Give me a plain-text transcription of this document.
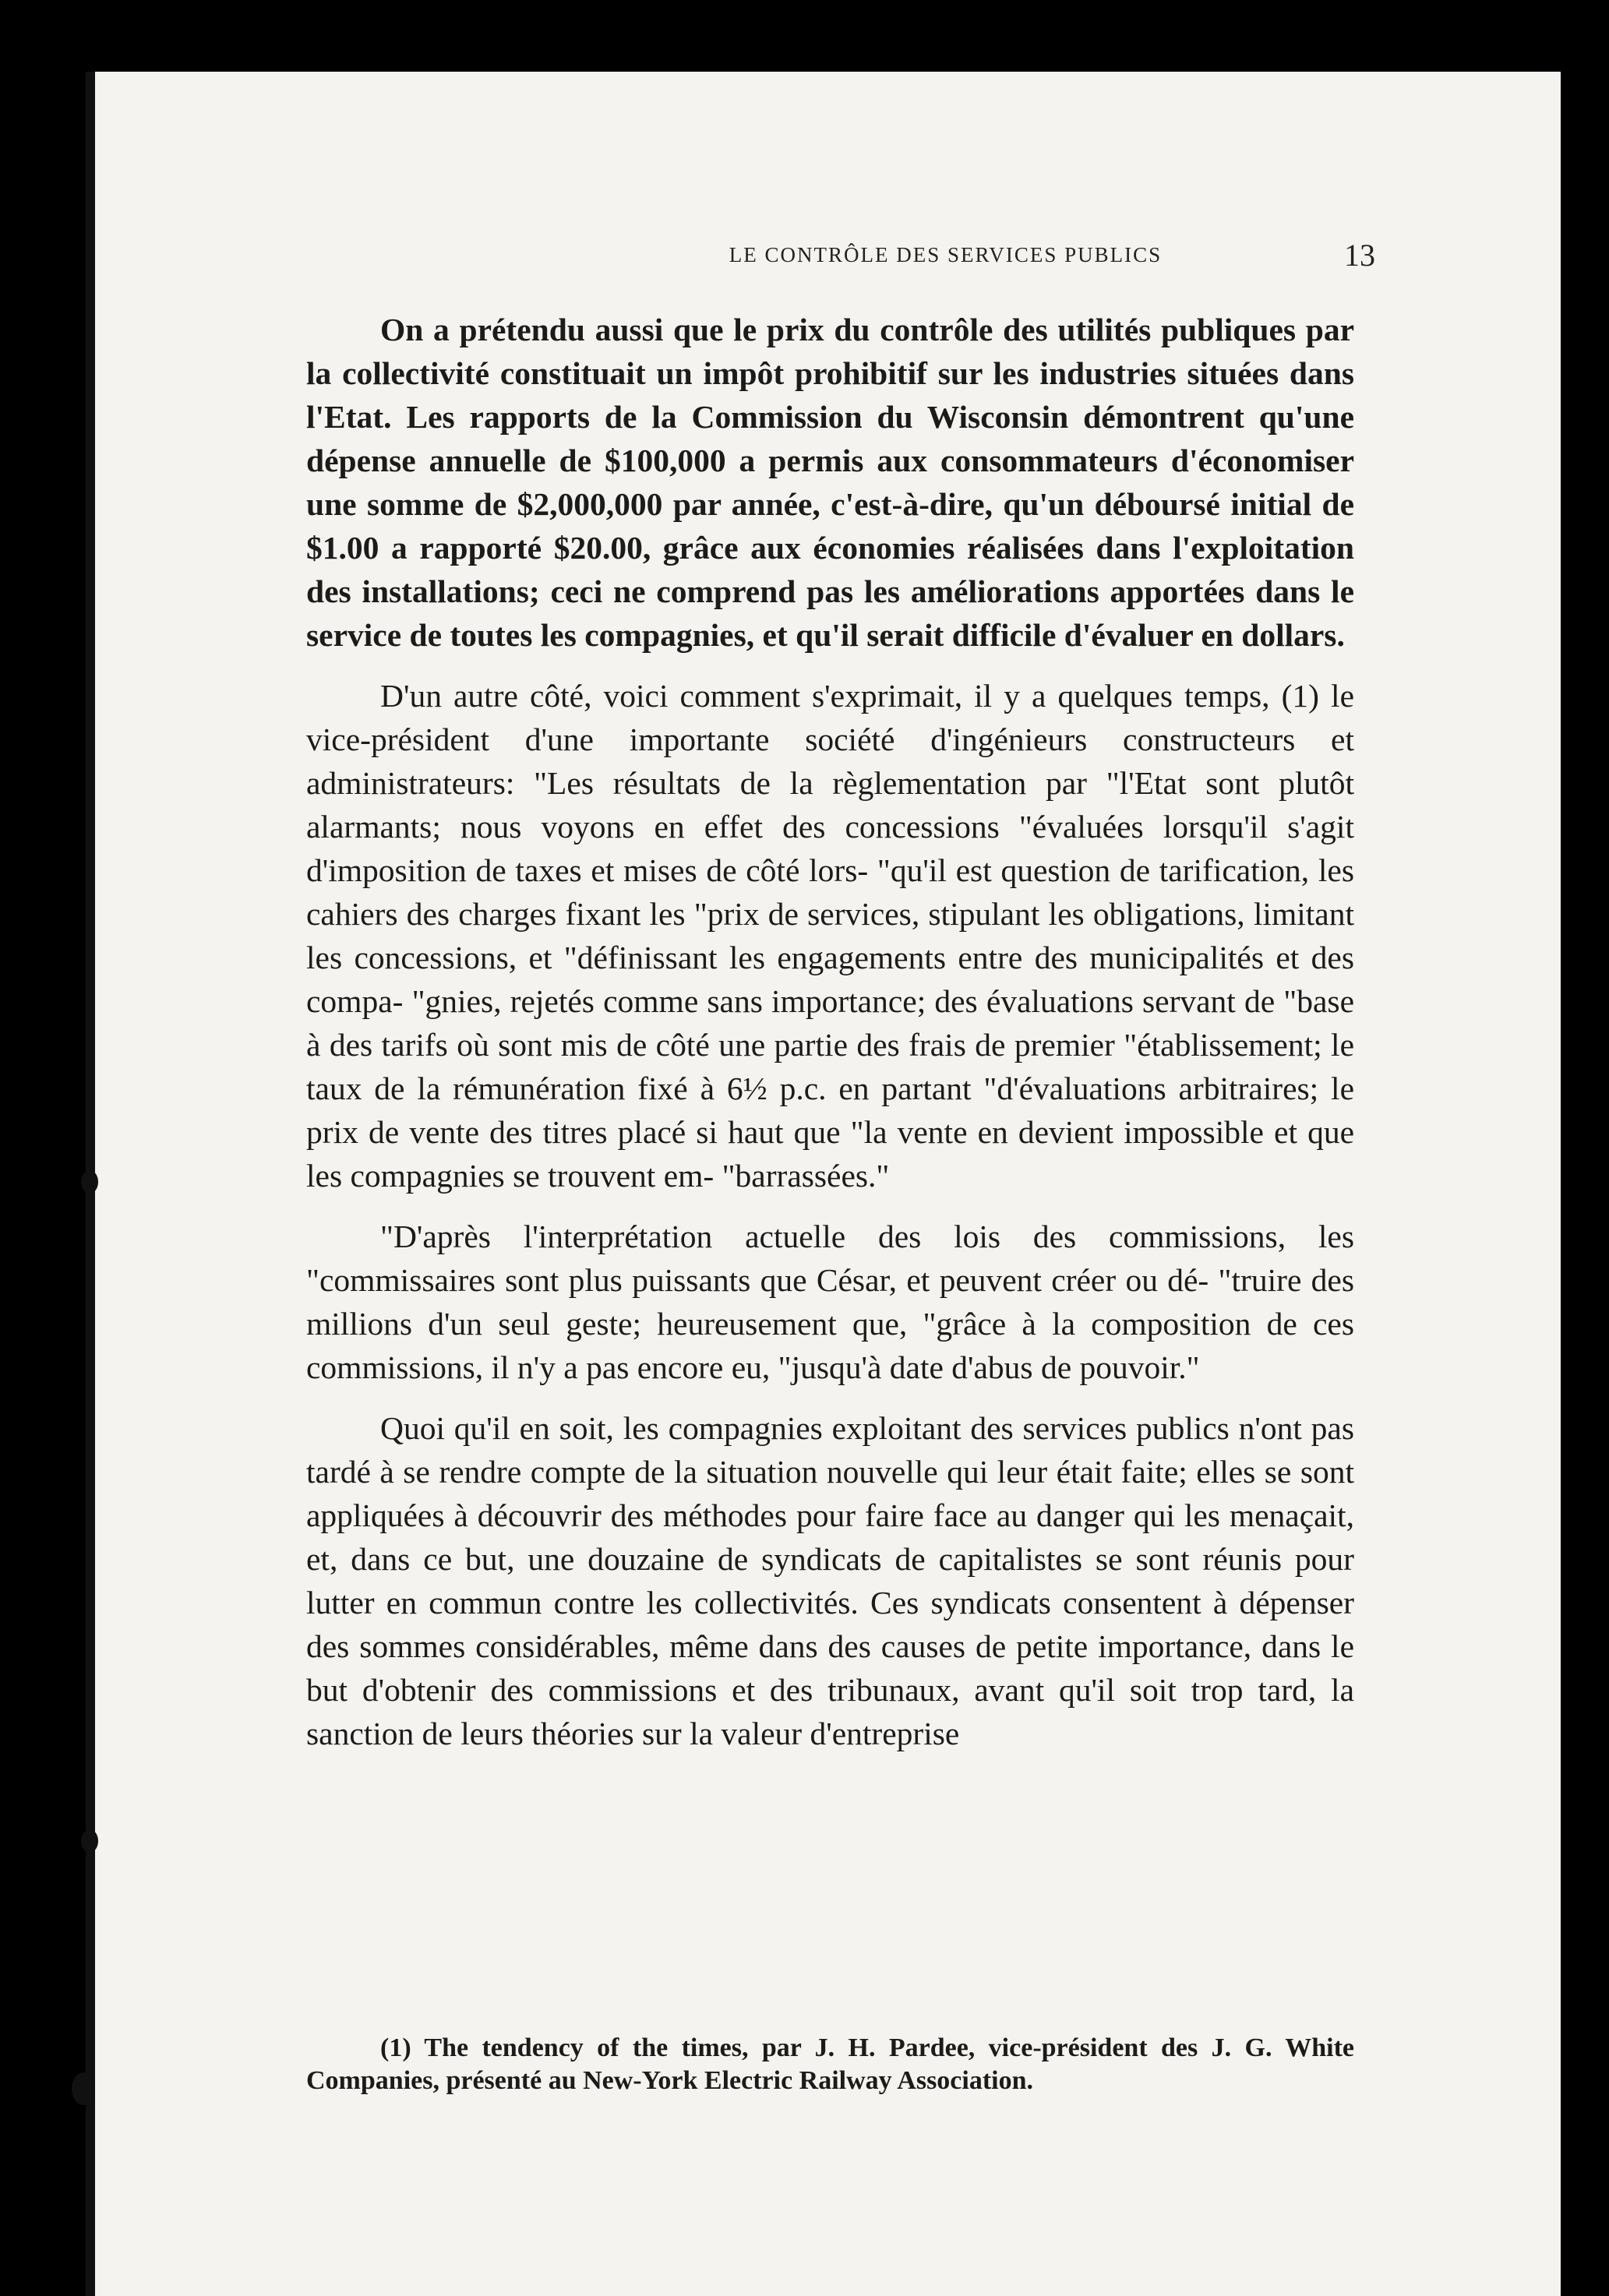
LE CONTRÔLE DES SERVICES PUBLICS	13

On a prétendu aussi que le prix du contrôle des utilités publiques par la collectivité constituait un impôt prohibitif sur les industries situées dans l'Etat. Les rapports de la Commission du Wisconsin démontrent qu'une dépense annuelle de $100,000 a permis aux consommateurs d'économiser une somme de $2,000,000 par année, c'est-à-dire, qu'un déboursé initial de $1.00 a rapporté $20.00, grâce aux économies réalisées dans l'exploitation des installations; ceci ne comprend pas les améliorations apportées dans le service de toutes les compagnies, et qu'il serait difficile d'évaluer en dollars.

D'un autre côté, voici comment s'exprimait, il y a quelques temps, (1) le vice-président d'une importante société d'ingénieurs constructeurs et administrateurs: "Les résultats de la règlementation par "l'Etat sont plutôt alarmants; nous voyons en effet des concessions "évaluées lorsqu'il s'agit d'imposition de taxes et mises de côté lors- "qu'il est question de tarification, les cahiers des charges fixant les "prix de services, stipulant les obligations, limitant les concessions, et "définissant les engagements entre des municipalités et des compa- "gnies, rejetés comme sans importance; des évaluations servant de "base à des tarifs où sont mis de côté une partie des frais de premier "établissement; le taux de la rémunération fixé à 6½ p.c. en partant "d'évaluations arbitraires; le prix de vente des titres placé si haut que "la vente en devient impossible et que les compagnies se trouvent em- "barrassées."

"D'après l'interprétation actuelle des lois des commissions, les "commissaires sont plus puissants que César, et peuvent créer ou dé- "truire des millions d'un seul geste; heureusement que, "grâce à la composition de ces commissions, il n'y a pas encore eu, "jusqu'à date d'abus de pouvoir."

Quoi qu'il en soit, les compagnies exploitant des services publics n'ont pas tardé à se rendre compte de la situation nouvelle qui leur était faite; elles se sont appliquées à découvrir des méthodes pour faire face au danger qui les menaçait, et, dans ce but, une douzaine de syndicats de capitalistes se sont réunis pour lutter en commun contre les collectivités. Ces syndicats consentent à dépenser des sommes considérables, même dans des causes de petite importance, dans le but d'obtenir des commissions et des tribunaux, avant qu'il soit trop tard, la sanction de leurs théories sur la valeur d'entreprise

(1) The tendency of the times, par J. H. Pardee, vice-président des J. G. White Companies, présenté au New-York Electric Railway Association.
